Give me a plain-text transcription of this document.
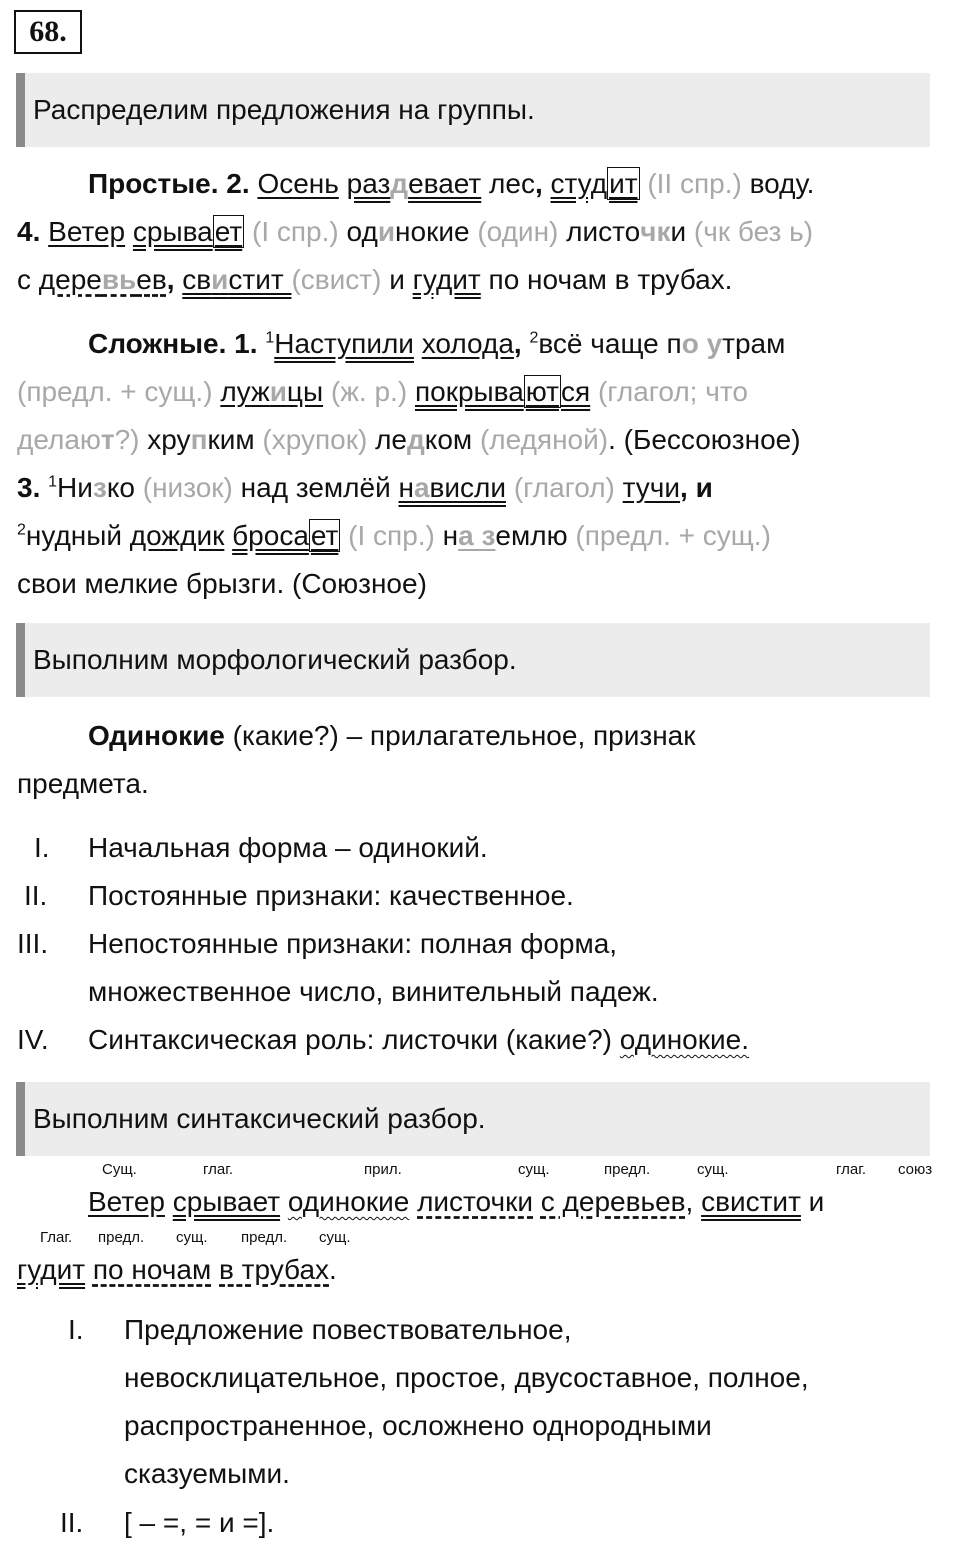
68.
Распределим предложения на группы.
Простые. 2. Осень раздевает лес, студит (II спр.) воду.
4. Ветер срывает (I спр.) одинокие (один) листочки (чк без ь)
с деревьев, свистит (свист) и гудит по ночам в трубах.
Сложные. 1. $^1$Наступили холода, $^2$всё чаще по утрам
(предл. + сущ.) лужицы (ж. р.) покрываются (глагол; что
делают?) хрупким (хрупок) ледком (ледяной). (Бессоюзное)
3. $^1$Низко (низок) над землёй нависли (глагол) тучи, и
$^2$нудный дождик бросает (I спр.) на землю (предл. + сущ.)
свои мелкие брызги. (Союзное)
Выполним морфологический разбор.
Одинокие (какие?) – прилагательное, признак
предмета.
I. Начальная форма – одинокий.
II. Постоянные признаки: качественное.
III. Непостоянные признаки: полная форма,
множественное число, винительный падеж.
IV. Синтаксическая роль: листочки (какие?) одинокие.
Выполним синтаксический разбор.
Сущ.	глаг.	прил.	сущ.	предл.	сущ.	глаг. союз
Ветер срывает одинокие листочки с деревьев, свистит и
Глаг. предл. сущ. предл. сущ.
гудит по ночам в трубах.
I. Предложение повествовательное,
невосклицательное, простое, двусоставное, полное,
распространенное, осложнено однородными
сказуемыми.
II. [ – =, = и =].
